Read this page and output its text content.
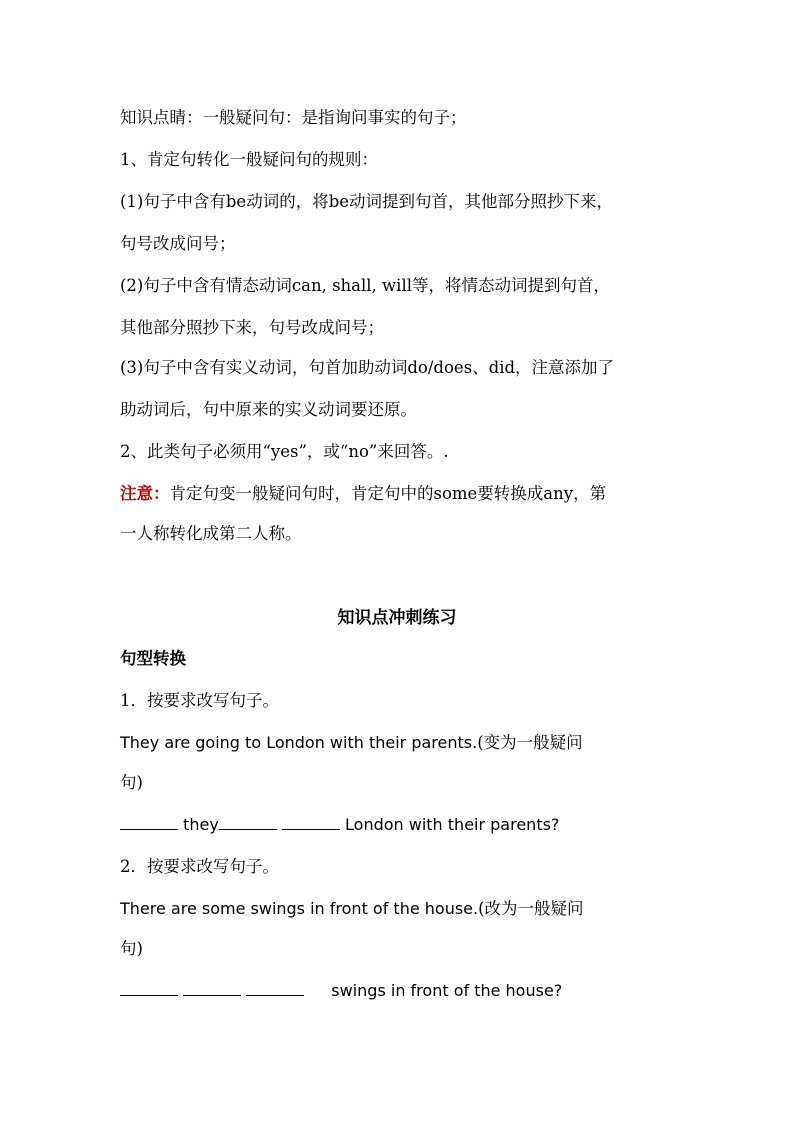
知识点睛：一般疑问句：是指询问事实的句子；
1、肯定句转化一般疑问句的规则：
(1)句子中含有be动词的，将be动词提到句首，其他部分照抄下来，
句号改成问号；
(2)句子中含有情态动词can, shall, will等，将情态动词提到句首，
其他部分照抄下来，句号改成问号；
(3)句子中含有实义动词，句首加助动词do/does、did，注意添加了
助动词后，句中原来的实义动词要还原。
2、此类句子必须用“yes”，或“no”来回答。.
注意：肯定句变一般疑问句时，肯定句中的some要转换成any，第
一人称转化成第二人称。
知识点冲刺练习
句型转换
1．按要求改写句子。
They are going to London with their parents.(变为一般疑问
句)
they	London with their parents?
2．按要求改写句子。
There are some swings in front of the house.(改为一般疑问
句)
swings in front of the house?
